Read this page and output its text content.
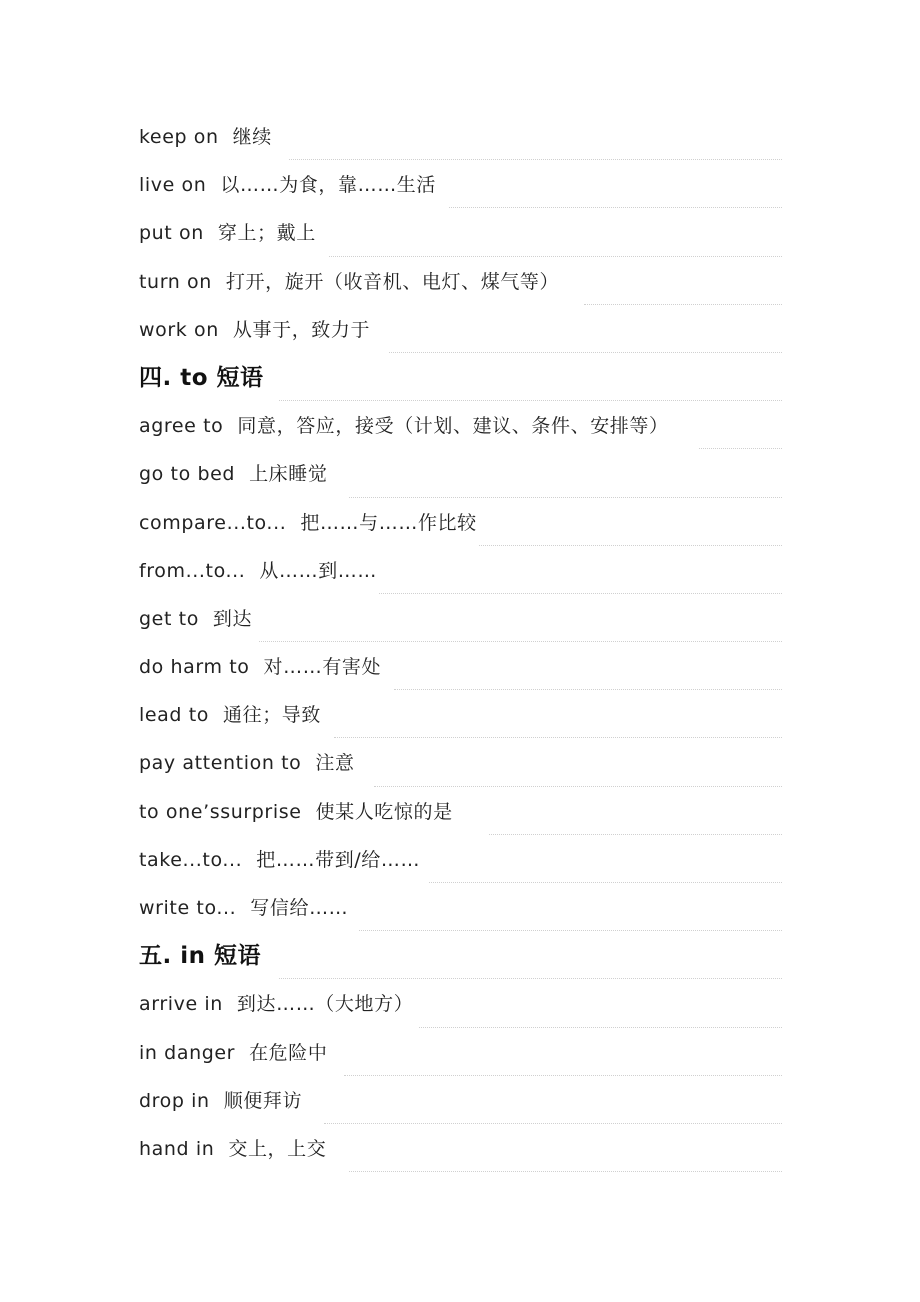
keep on 继续
live on 以……为食，靠……生活
put on 穿上；戴上
turn on 打开，旋开（收音机、电灯、煤气等）
work on 从事于，致力于
四. to 短语
agree to 同意，答应，接受（计划、建议、条件、安排等）
go to bed 上床睡觉
compare...to... 把……与……作比较
from...to... 从……到……
get to 到达
do harm to 对……有害处
lead to 通往；导致
pay attention to 注意
to one’ssurprise 使某人吃惊的是
take...to... 把……带到/给……
write to... 写信给……
五. in 短语
arrive in 到达……（大地方）
in danger 在危险中
drop in 顺便拜访
hand in 交上，上交
